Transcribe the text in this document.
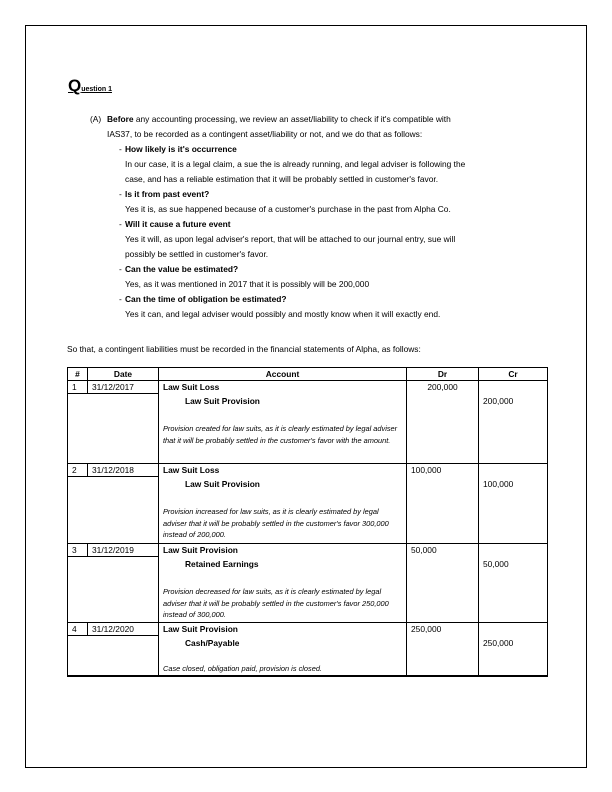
Question 1
(A) Before any accounting processing, we review an asset/liability to check if it's compatible with
IAS37, to be recorded as a contingent asset/liability or not, and we do that as follows:
- How likely is it's occurrence
In our case, it is a legal claim, a sue the is already running, and legal adviser is following the
case, and has a reliable estimation that it will be probably settled in customer's favor.
- Is it from past event?
Yes it is, as sue happened because of a customer's purchase in the past from Alpha Co.
- Will it cause a future event
Yes it will, as upon legal adviser's report, that will be attached to our journal entry, sue will
possibly be settled in customer's favor.
- Can the value be estimated?
Yes, as it was mentioned in 2017 that it is possibly will be 200,000
- Can the time of obligation be estimated?
Yes it can, and legal adviser would possibly and mostly know when it will exactly end.
So that, a contingent liabilities must be recorded in the financial statements of Alpha, as follows:
#	Date	Account	Dr	Cr
1	31/12/2017	Law Suit Loss
Law Suit Provision
Provision created for law suits, as it is clearly estimated by legal adviser that it will be probably settled in the customer's favor with the amount.	200,000	200,000

2	31/12/2018	Law Suit Loss
Law Suit Provision
Provision increased for law suits, as it is clearly estimated by legal adviser that it will be probably settled in the customer's favor 300,000 instead of 200,000.	100,000	100,000

3	31/12/2019	Law Suit Provision
Retained Earnings
Provision decreased for law suits, as it is clearly estimated by legal adviser that it will be probably settled in the customer's favor 250,000 instead of 300,000.	50,000	50,000

4	31/12/2020	Law Suit Provision
Cash/Payable
Case closed, obligation paid, provision is closed.	250,000	250,000
